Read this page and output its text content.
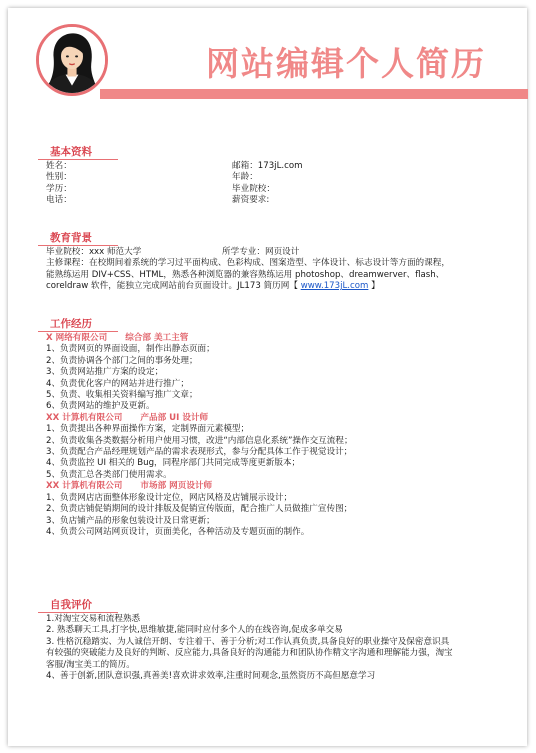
网站编辑个人简历
基本资料
姓名：	邮箱：173jL.com
性别：	年龄：
学历：	毕业院校：
电话：	薪资要求:
教育背景
毕业院校：xxx 师范大学	所学专业：网页设计
主修课程：在校期间着系统的学习过平面构成、色彩构成、图案造型、字体设计、标志设计等方面的课程，
能熟练运用 DIV+CSS、HTML，熟悉各种浏览器的兼容熟练运用 photoshop、dreamwerver、flash、
coreldraw 软件，能独立完成网站前台页面设计。JL173 简历网【 www.173jL.com 】
工作经历
X 网络有限公司 综合部 美工主管
1、负责网页的界面设面，制作出静态页面；
2、负责协调各个部门之间的事务处理；
3、负责网站推广方案的设定；
4、负责优化客户的网站并进行推广；
5、负责、收集相关资料编写推广文章；
6、负责网站的维护及更新。
XX 计算机有限公司 产品部 UI 设计师
1、负责提出各种界面操作方案，定制界面元素模型；
2、负责收集各类数据分析用户使用习惯，改进“内部信息化系统”操作交互流程；
3、负责配合产品经理规划产品的需求表现形式，参与分配具体工作于视觉设计；
4、负责监控 UI 相关的 Bug，同程序部门共同完成等度更新版本；
5、负责汇总各类部门使用需求。
XX 计算机有限公司 市场部 网页设计师
1、负责网店店面整体形象设计定位，网店风格及店铺展示设计；
2、负责店铺促销期间的设计排版及促销宣传版面，配合推广人员做推广宣传图；
3、负店铺产品的形象包装设计及日常更新；
4、负责公司网站网页设计，页面美化，各种活动及专题页面的制作。
自我评价
1.对淘宝交易和流程熟悉
2. 熟悉聊天工具,打字快,思维敏捷,能同时应付多个人的在线咨询,促成多单交易
3. 性格沉稳踏实、为人诚信开朗、专注着干、善于分析;对工作认真负责,具备良好的职业操守及保密意识具
有较强的突破能力及良好的判断、反应能力,具备良好的沟通能力和团队协作精文字沟通和理解能力强，淘宝
客服/淘宝美工的简历。
4、善于创新,团队意识强,真善美!喜欢讲求效率,注重时间观念,虽然资历不高但愿意学习
